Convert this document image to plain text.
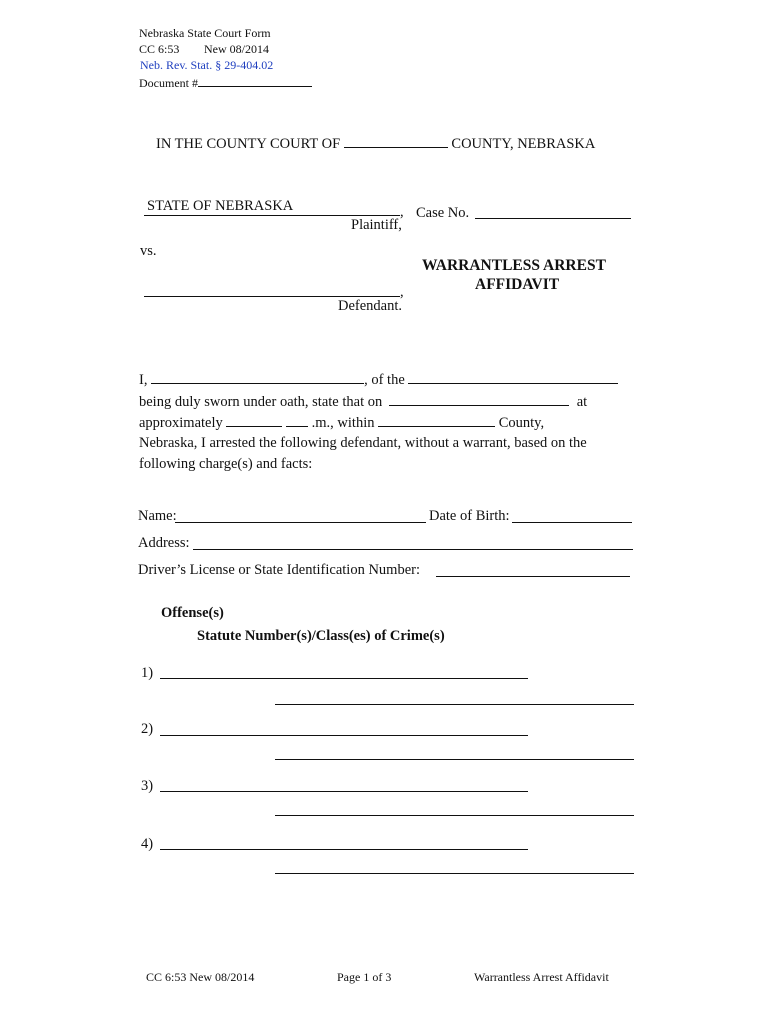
Nebraska State Court Form
CC 6:53 New 08/2014
Neb. Rev. Stat. § 29-404.02
Document #
IN THE COUNTY COURT OF	COUNTY, NEBRASKA
STATE OF NEBRASKA	,
Plaintiff,
Case No.
vs.
WARRANTLESS ARREST
AFFIDAVIT
,
Defendant.
I,	, of the
being duly sworn under oath, state that on	at
approximately	.m., within	County,
Nebraska, I arrested the following defendant, without a warrant, based on the
following charge(s) and facts:
Name:	Date of Birth:
Address:
Driver’s License or State Identification Number:
Offense(s)
Statute Number(s)/Class(es) of Crime(s)
1)
2)
3)
4)
CC 6:53 New 08/2014	Page 1 of 3	Warrantless Arrest Affidavit
